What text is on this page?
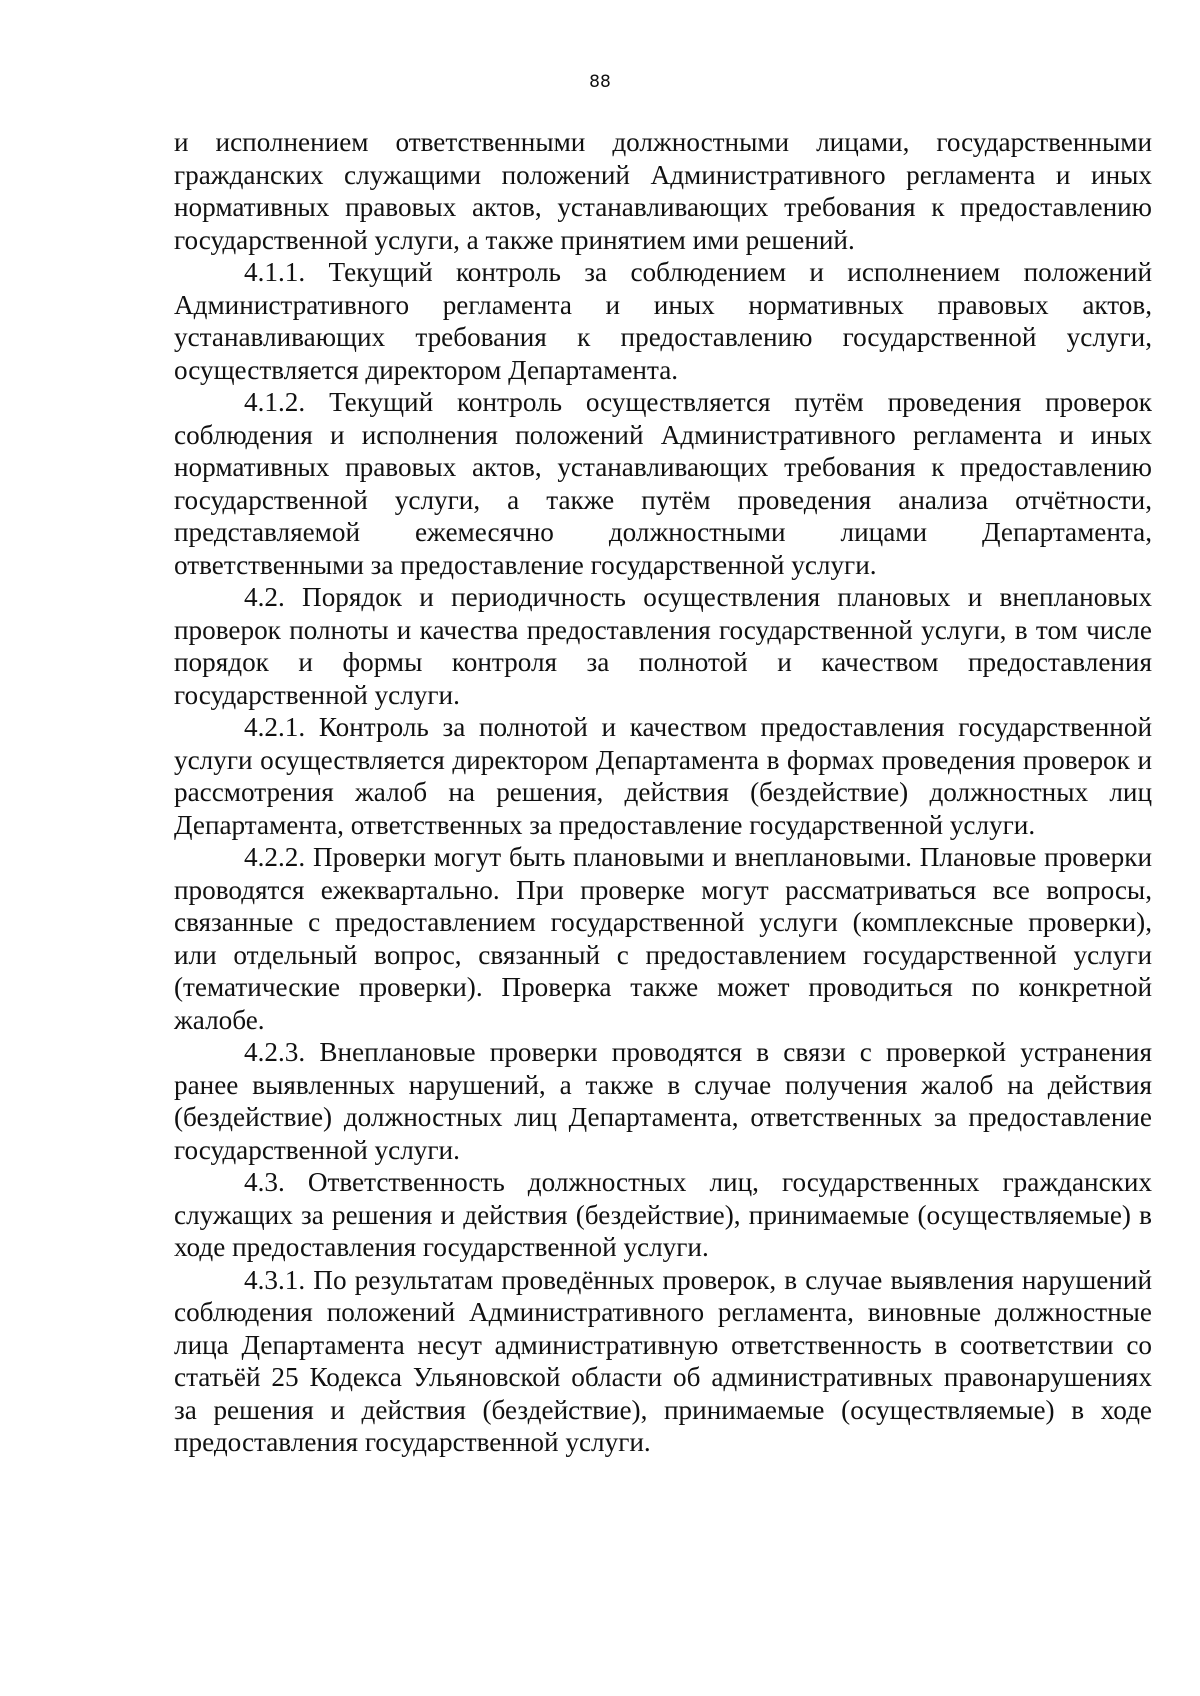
88

и исполнением ответственными должностными лицами, государственными гражданских служащими положений Административного регламента и иных нормативных правовых актов, устанавливающих требования к предоставлению государственной услуги, а также принятием ими решений.

4.1.1. Текущий контроль за соблюдением и исполнением положений Административного регламента и иных нормативных правовых актов, устанавливающих требования к предоставлению государственной услуги, осуществляется директором Департамента.

4.1.2. Текущий контроль осуществляется путём проведения проверок соблюдения и исполнения положений Административного регламента и иных нормативных правовых актов, устанавливающих требования к предоставлению государственной услуги, а также путём проведения анализа отчётности, представляемой ежемесячно должностными лицами Департамента, ответственными за предоставление государственной услуги.

4.2. Порядок и периодичность осуществления плановых и внеплановых проверок полноты и качества предоставления государственной услуги, в том числе порядок и формы контроля за полнотой и качеством предоставления государственной услуги.

4.2.1. Контроль за полнотой и качеством предоставления государственной услуги осуществляется директором Департамента в формах проведения проверок и рассмотрения жалоб на решения, действия (бездействие) должностных лиц Департамента, ответственных за предоставление государственной услуги.

4.2.2. Проверки могут быть плановыми и внеплановыми. Плановые проверки проводятся ежеквартально. При проверке могут рассматриваться все вопросы, связанные с предоставлением государственной услуги (комплексные проверки), или отдельный вопрос, связанный с предоставлением государственной услуги (тематические проверки). Проверка также может проводиться по конкретной жалобе.

4.2.3. Внеплановые проверки проводятся в связи с проверкой устранения ранее выявленных нарушений, а также в случае получения жалоб на действия (бездействие) должностных лиц Департамента, ответственных за предоставление государственной услуги.

4.3. Ответственность должностных лиц, государственных гражданских служащих за решения и действия (бездействие), принимаемые (осуществляемые) в ходе предоставления государственной услуги.

4.3.1. По результатам проведённых проверок, в случае выявления нарушений соблюдения положений Административного регламента, виновные должностные лица Департамента несут административную ответственность в соответствии со статьёй 25 Кодекса Ульяновской области об административных правонарушениях за решения и действия (бездействие), принимаемые (осуществляемые) в ходе предоставления государственной услуги.
